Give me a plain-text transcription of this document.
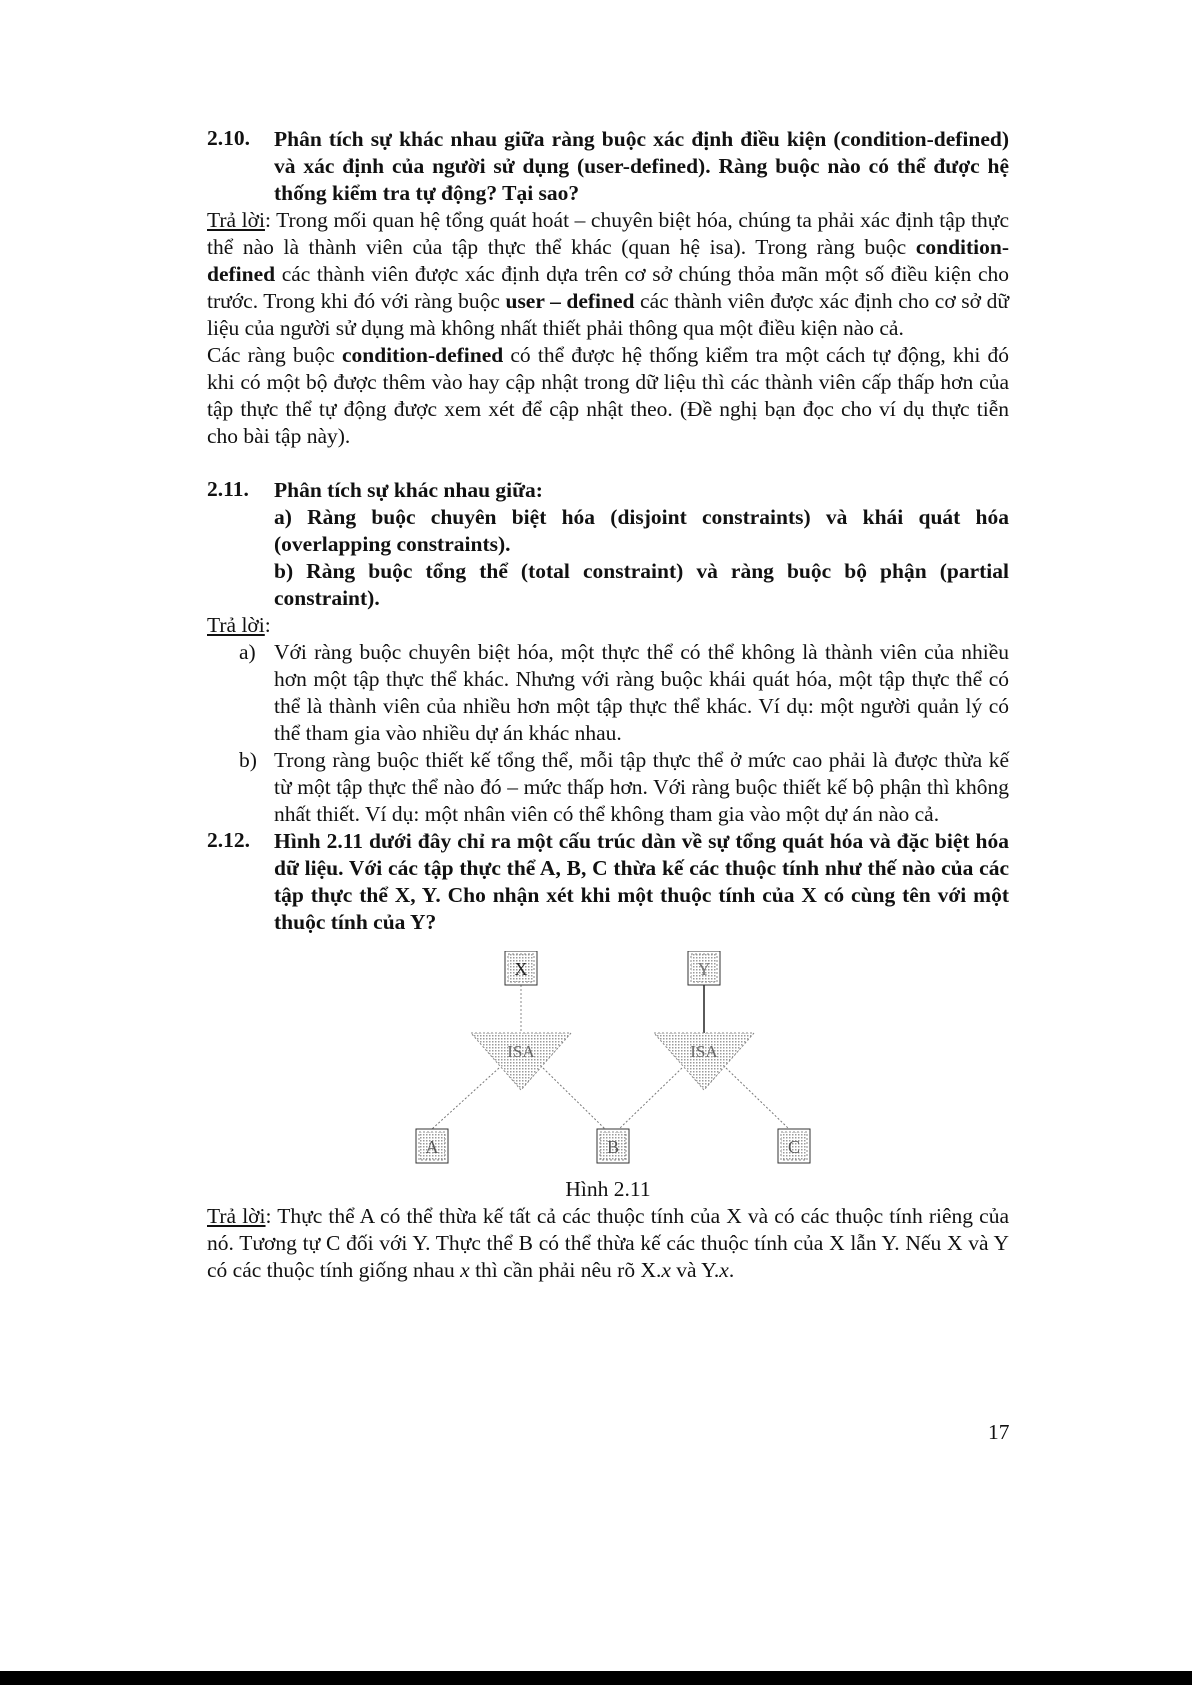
2.10. Phân tích sự khác nhau giữa ràng buộc xác định điều kiện (condition-defined) và xác định của người sử dụng (user-defined). Ràng buộc nào có thể được hệ thống kiểm tra tự động? Tại sao?

Trả lời: Trong mối quan hệ tổng quát hoát – chuyên biệt hóa, chúng ta phải xác định tập thực thể nào là thành viên của tập thực thể khác (quan hệ isa). Trong ràng buộc condition-defined các thành viên được xác định dựa trên cơ sở chúng thỏa mãn một số điều kiện cho trước. Trong khi đó với ràng buộc user – defined các thành viên được xác định cho cơ sở dữ liệu của người sử dụng mà không nhất thiết phải thông qua một điều kiện nào cả.

Các ràng buộc condition-defined có thể được hệ thống kiểm tra một cách tự động, khi đó khi có một bộ được thêm vào hay cập nhật trong dữ liệu thì các thành viên cấp thấp hơn của tập thực thể tự động được xem xét để cập nhật theo. (Đề nghị bạn đọc cho ví dụ thực tiễn cho bài tập này).

2.11. Phân tích sự khác nhau giữa:
a) Ràng buộc chuyên biệt hóa (disjoint constraints) và khái quát hóa (overlapping constraints).
b) Ràng buộc tổng thể (total constraint) và ràng buộc bộ phận (partial constraint).

Trả lời:

a) Với ràng buộc chuyên biệt hóa, một thực thể có thể không là thành viên của nhiều hơn một tập thực thể khác. Nhưng với ràng buộc khái quát hóa, một tập thực thể có thể là thành viên của nhiều hơn một tập thực thể khác. Ví dụ: một người quản lý có thể tham gia vào nhiều dự án khác nhau.
b) Trong ràng buộc thiết kế tổng thể, mỗi tập thực thể ở mức cao phải là được thừa kế từ một tập thực thể nào đó – mức thấp hơn. Với ràng buộc thiết kế bộ phận thì không nhất thiết. Ví dụ: một nhân viên có thể không tham gia vào một dự án nào cả.
2.12. Hình 2.11 dưới đây chỉ ra một cấu trúc dàn về sự tổng quát hóa và đặc biệt hóa dữ liệu. Với các tập thực thể A, B, C thừa kế các thuộc tính như thế nào của các tập thực thể X, Y. Cho nhận xét khi một thuộc tính của X có cùng tên với một thuộc tính của Y?
ISA	ISA
X	Y
A	B	C
Hình 2.11

Trả lời: Thực thể A có thể thừa kế tất cả các thuộc tính của X và có các thuộc tính riêng của nó. Tương tự C đối với Y. Thực thể B có thể thừa kế các thuộc tính của X lẫn Y. Nếu X và Y có các thuộc tính giống nhau x thì cần phải nêu rõ X.x và Y.x.

17
